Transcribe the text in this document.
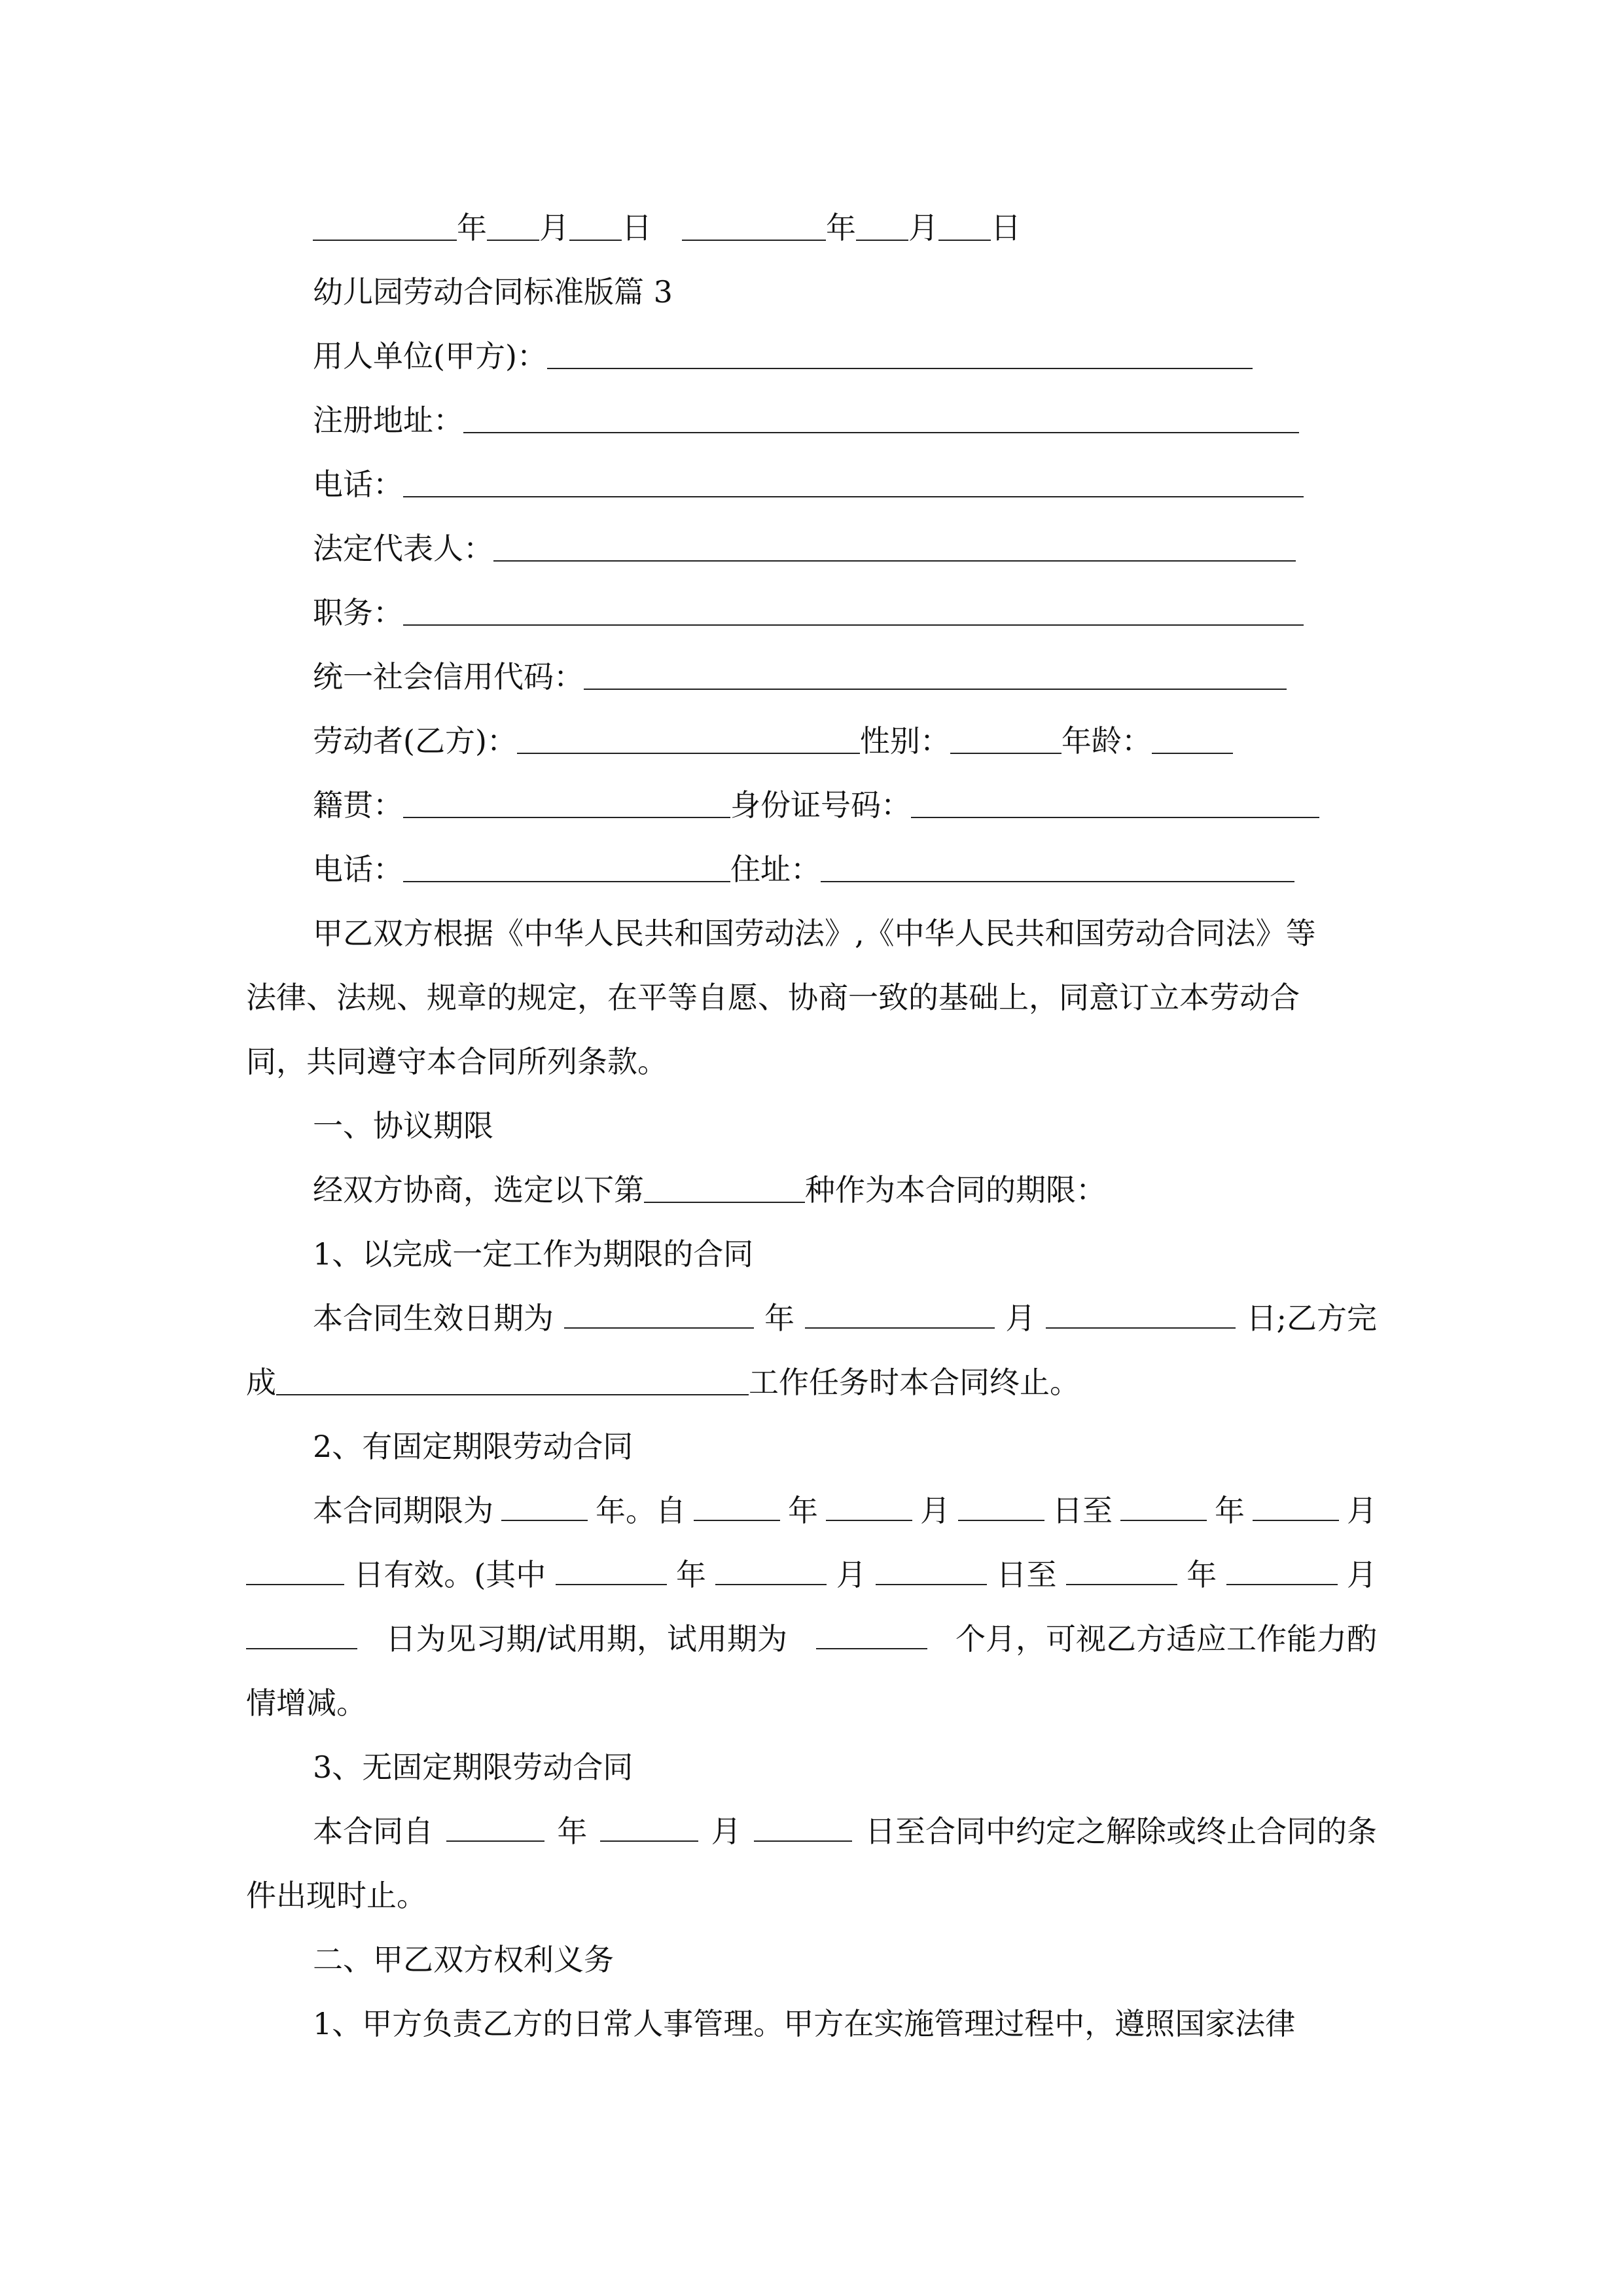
年 月 日	年 月 日
幼儿园劳动合同标准版篇 3
用人单位(甲方)：
注册地址：
电话：
法定代表人：
职务：
统一社会信用代码：
劳动者(乙方)：	性别：	年龄：
籍贯：	身份证号码：
电话：	住址：
甲乙双方根据《中华人民共和国劳动法》,《中华人民共和国劳动合同法》等
法律、法规、规章的规定，在平等自愿、协商一致的基础上，同意订立本劳动合
同，共同遵守本合同所列条款。
一、协议期限
经双方协商，选定以下第	种作为本合同的期限：
1、以完成一定工作为期限的合同
本合同生效日期为	年	月	日;乙方完
成	工作任务时本合同终止。
2、有固定期限劳动合同
本合同期限为	年。自	年	月	日至	年	月
日有效。(其中	年	月	日至	年	月
日为见习期/试用期，试用期为	个月，可视乙方适应工作能力酌
情增减。
3、无固定期限劳动合同
本合同自	年	月	日至合同中约定之解除或终止合同的条
件出现时止。
二、甲乙双方权利义务
1、甲方负责乙方的日常人事管理。甲方在实施管理过程中，遵照国家法律
